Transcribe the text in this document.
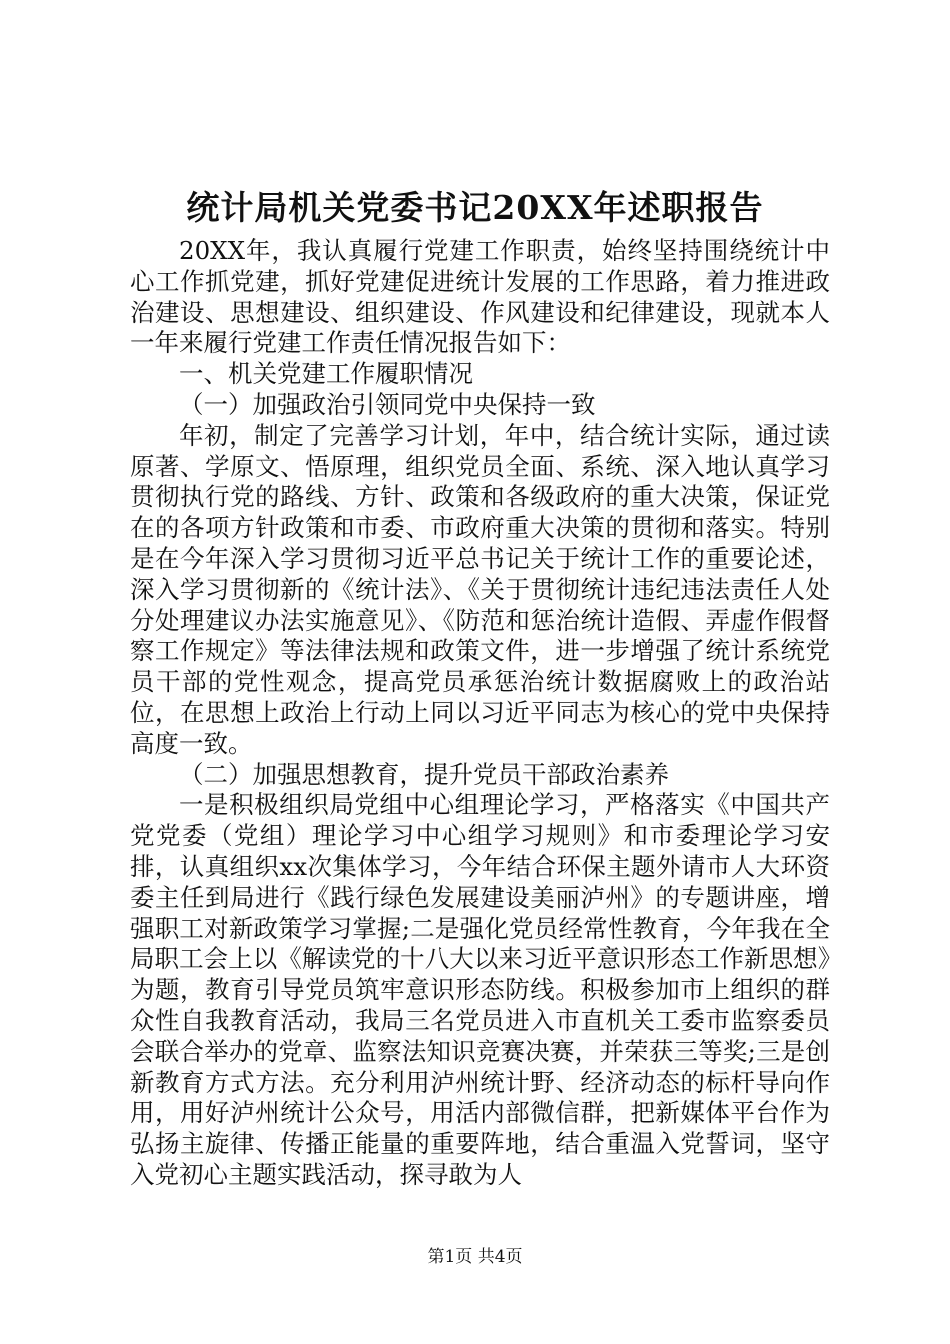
统计局机关党委书记20XX年述职报告

20XX年，我认真履行党建工作职责，始终坚持围绕统计中心工作抓党建，抓好党建促进统计发展的工作思路，着力推进政治建设、思想建设、组织建设、作风建设和纪律建设，现就本人一年来履行党建工作责任情况报告如下：

一、机关党建工作履职情况

（一）加强政治引领同党中央保持一致

年初，制定了完善学习计划，年中，结合统计实际，通过读原著、学原文、悟原理，组织党员全面、系统、深入地认真学习贯彻执行党的路线、方针、政策和各级政府的重大决策，保证党在的各项方针政策和市委、市政府重大决策的贯彻和落实。特别是在今年深入学习贯彻习近平总书记关于统计工作的重要论述，深入学习贯彻新的《统计法》、《关于贯彻统计违纪违法责任人处分处理建议办法实施意见》、《防范和惩治统计造假、弄虚作假督察工作规定》等法律法规和政策文件，进一步增强了统计系统党员干部的党性观念，提高党员承惩治统计数据腐败上的政治站位，在思想上政治上行动上同以习近平同志为核心的党中央保持高度一致。

（二）加强思想教育，提升党员干部政治素养

一是积极组织局党组中心组理论学习，严格落实《中国共产党党委（党组）理论学习中心组学习规则》和市委理论学习安排，认真组织xx次集体学习，今年结合环保主题外请市人大环资委主任到局进行《践行绿色发展建设美丽泸州》的专题讲座，增强职工对新政策学习掌握;二是强化党员经常性教育，今年我在全局职工会上以《解读党的十八大以来习近平意识形态工作新思想》为题，教育引导党员筑牢意识形态防线。积极参加市上组织的群众性自我教育活动，我局三名党员进入市直机关工委市监察委员会联合举办的党章、监察法知识竞赛决赛，并荣获三等奖;三是创新教育方式方法。充分利用泸州统计野、经济动态的标杆导向作用，用好泸州统计公众号，用活内部微信群，把新媒体平台作为弘扬主旋律、传播正能量的重要阵地，结合重温入党誓词，坚守入党初心主题实践活动，探寻敢为人

第1页 共4页
